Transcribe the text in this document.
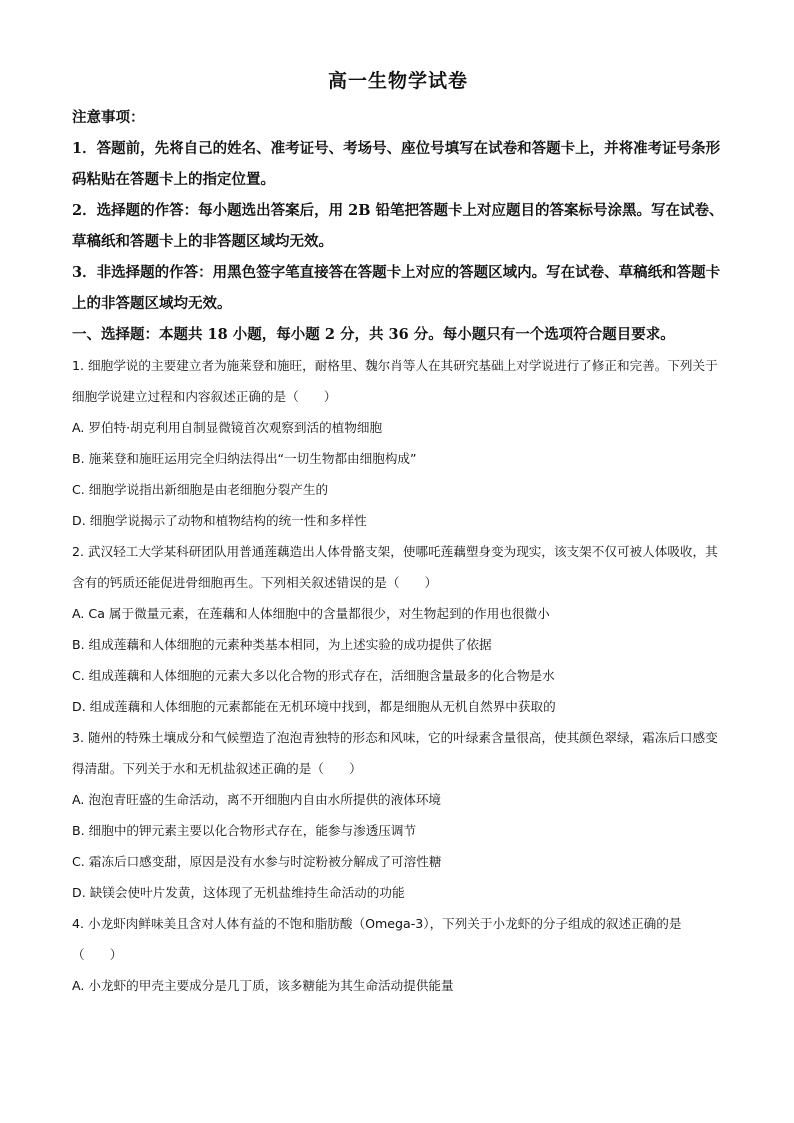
高一生物学试卷

注意事项：

1．答题前，先将自己的姓名、准考证号、考场号、座位号填写在试卷和答题卡上，并将准考证号条形码粘贴在答题卡上的指定位置。

2．选择题的作答：每小题选出答案后，用 2B 铅笔把答题卡上对应题目的答案标号涂黑。写在试卷、草稿纸和答题卡上的非答题区域均无效。

3．非选择题的作答：用黑色签字笔直接答在答题卡上对应的答题区域内。写在试卷、草稿纸和答题卡上的非答题区域均无效。

一、选择题：本题共 18 小题，每小题 2 分，共 36 分。每小题只有一个选项符合题目要求。

1. 细胞学说的主要建立者为施莱登和施旺，耐格里、魏尔肖等人在其研究基础上对学说进行了修正和完善。下列关于细胞学说建立过程和内容叙述正确的是（　　）

A. 罗伯特·胡克利用自制显微镜首次观察到活的植物细胞

B. 施莱登和施旺运用完全归纳法得出“一切生物都由细胞构成”

C. 细胞学说指出新细胞是由老细胞分裂产生的

D. 细胞学说揭示了动物和植物结构的统一性和多样性

2. 武汉轻工大学某科研团队用普通莲藕造出人体骨骼支架，使哪吒莲藕塑身变为现实，该支架不仅可被人体吸收，其含有的钙质还能促进骨细胞再生。下列相关叙述错误的是（　　）

A. Ca 属于微量元素，在莲藕和人体细胞中的含量都很少，对生物起到的作用也很微小

B. 组成莲藕和人体细胞的元素种类基本相同，为上述实验的成功提供了依据

C. 组成莲藕和人体细胞的元素大多以化合物的形式存在，活细胞含量最多的化合物是水

D. 组成莲藕和人体细胞的元素都能在无机环境中找到，都是细胞从无机自然界中获取的

3. 随州的特殊土壤成分和气候塑造了泡泡青独特的形态和风味，它的叶绿素含量很高，使其颜色翠绿，霜冻后口感变得清甜。下列关于水和无机盐叙述正确的是（　　）

A. 泡泡青旺盛的生命活动，离不开细胞内自由水所提供的液体环境

B. 细胞中的钾元素主要以化合物形式存在，能参与渗透压调节

C. 霜冻后口感变甜，原因是没有水参与时淀粉被分解成了可溶性糖

D. 缺镁会使叶片发黄，这体现了无机盐维持生命活动的功能

4. 小龙虾肉鲜味美且含对人体有益的不饱和脂肪酸（Omega-3），下列关于小龙虾的分子组成的叙述正确的是（　　）

A. 小龙虾的甲壳主要成分是几丁质，该多糖能为其生命活动提供能量
